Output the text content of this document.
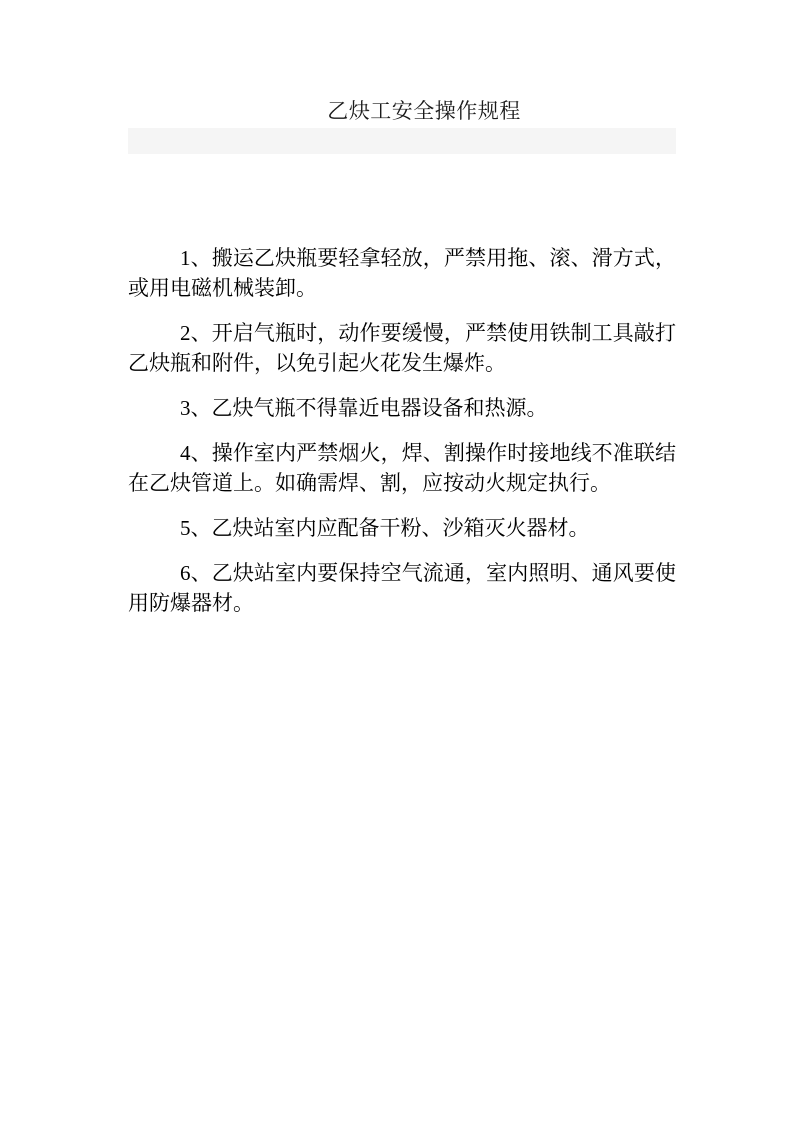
乙炔工安全操作规程

1、搬运乙炔瓶要轻拿轻放，严禁用拖、滚、滑方式，或用电磁机械装卸。

2、开启气瓶时，动作要缓慢，严禁使用铁制工具敲打乙炔瓶和附件，以免引起火花发生爆炸。

3、乙炔气瓶不得靠近电器设备和热源。

4、操作室内严禁烟火，焊、割操作时接地线不准联结在乙炔管道上。如确需焊、割，应按动火规定执行。

5、乙炔站室内应配备干粉、沙箱灭火器材。

6、乙炔站室内要保持空气流通，室内照明、通风要使用防爆器材。
